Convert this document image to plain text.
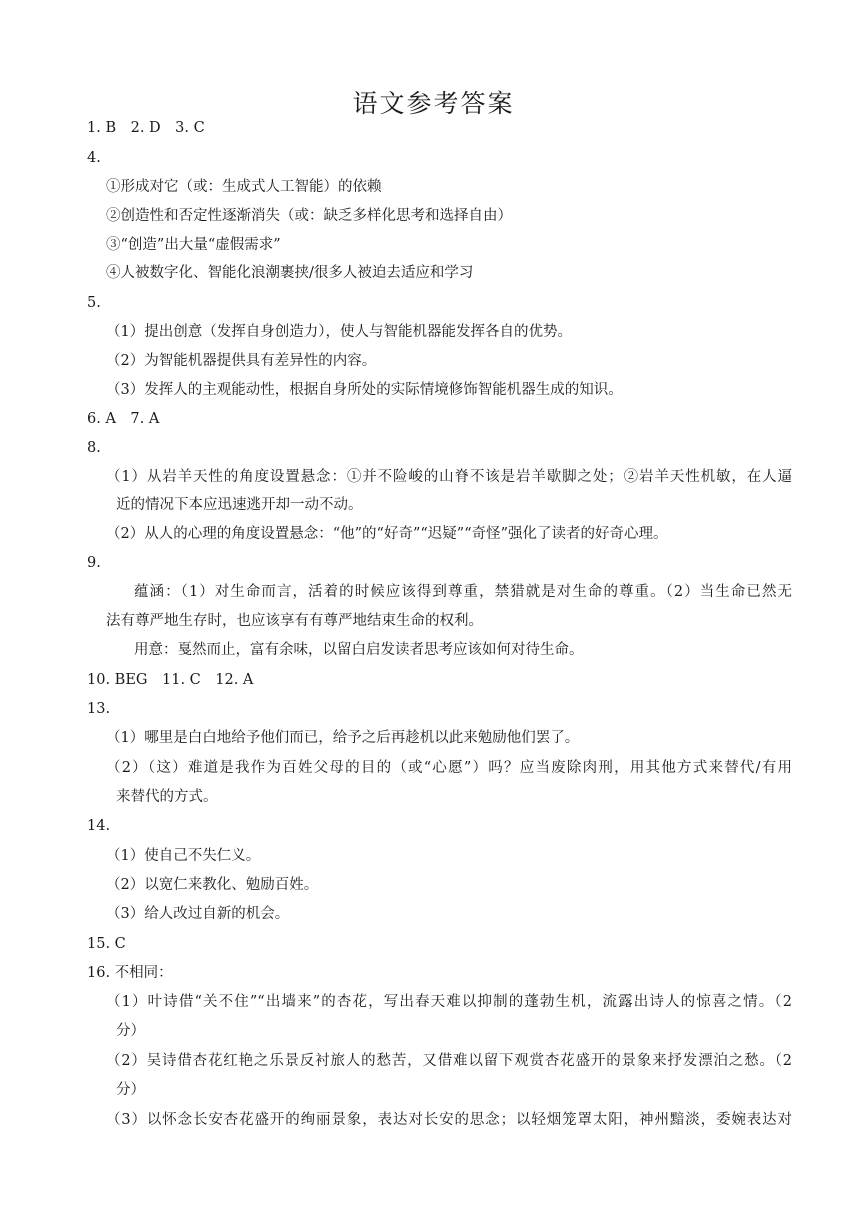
语文参考答案
1. B　2. D　3. C
4.
①形成对它（或：生成式人工智能）的依赖
②创造性和否定性逐渐消失（或：缺乏多样化思考和选择自由）
③“创造”出大量“虚假需求”
④人被数字化、智能化浪潮裹挟/很多人被迫去适应和学习
5.
（1）提出创意（发挥自身创造力），使人与智能机器能发挥各自的优势。
（2）为智能机器提供具有差异性的内容。
（3）发挥人的主观能动性，根据自身所处的实际情境修饰智能机器生成的知识。
6. A　7. A
8.
（1）从岩羊天性的角度设置悬念：①并不险峻的山脊不该是岩羊歇脚之处；②岩羊天性机敏，在人逼
近的情况下本应迅速逃开却一动不动。
（2）从人的心理的角度设置悬念：“他”的“好奇”“迟疑”“奇怪”强化了读者的好奇心理。
9.
蕴涵：（1）对生命而言，活着的时候应该得到尊重，禁猎就是对生命的尊重。（2）当生命已然无
法有尊严地生存时，也应该享有有尊严地结束生命的权利。
用意：戛然而止，富有余味，以留白启发读者思考应该如何对待生命。
10. BEG　11. C　12. A
13.
（1）哪里是白白地给予他们而已，给予之后再趁机以此来勉励他们罢了。
（2）（这）难道是我作为百姓父母的目的（或“心愿”）吗？应当废除肉刑，用其他方式来替代/有用
来替代的方式。
14.
（1）使自己不失仁义。
（2）以宽仁来教化、勉励百姓。
（3）给人改过自新的机会。
15. C
16. 不相同：
（1）叶诗借“关不住”“出墙来”的杏花，写出春天难以抑制的蓬勃生机，流露出诗人的惊喜之情。（2
分）
（2）吴诗借杏花红艳之乐景反衬旅人的愁苦，又借难以留下观赏杏花盛开的景象来抒发漂泊之愁。（2
分）
（3）以怀念长安杏花盛开的绚丽景象，表达对长安的思念；以轻烟笼罩太阳，神州黯淡，委婉表达对
